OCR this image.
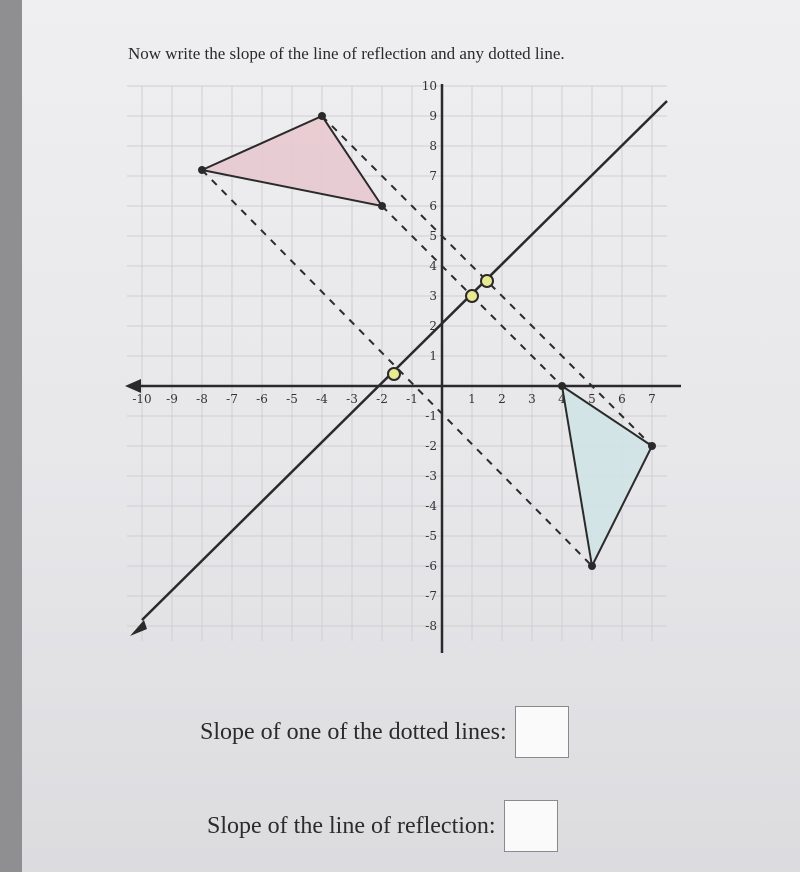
Now write the slope of the line of reflection and any dotted line.
-10 -9 -8 -7 -6 -5 -4 -3 -2 -1	1 2 3 4 5 6 7
-8
-7
-6
-5
-4
-3
-2
-1
1
2
3
4
5
6
7
8
9
10
Slope of one of the dotted lines:
Slope of the line of reflection:
